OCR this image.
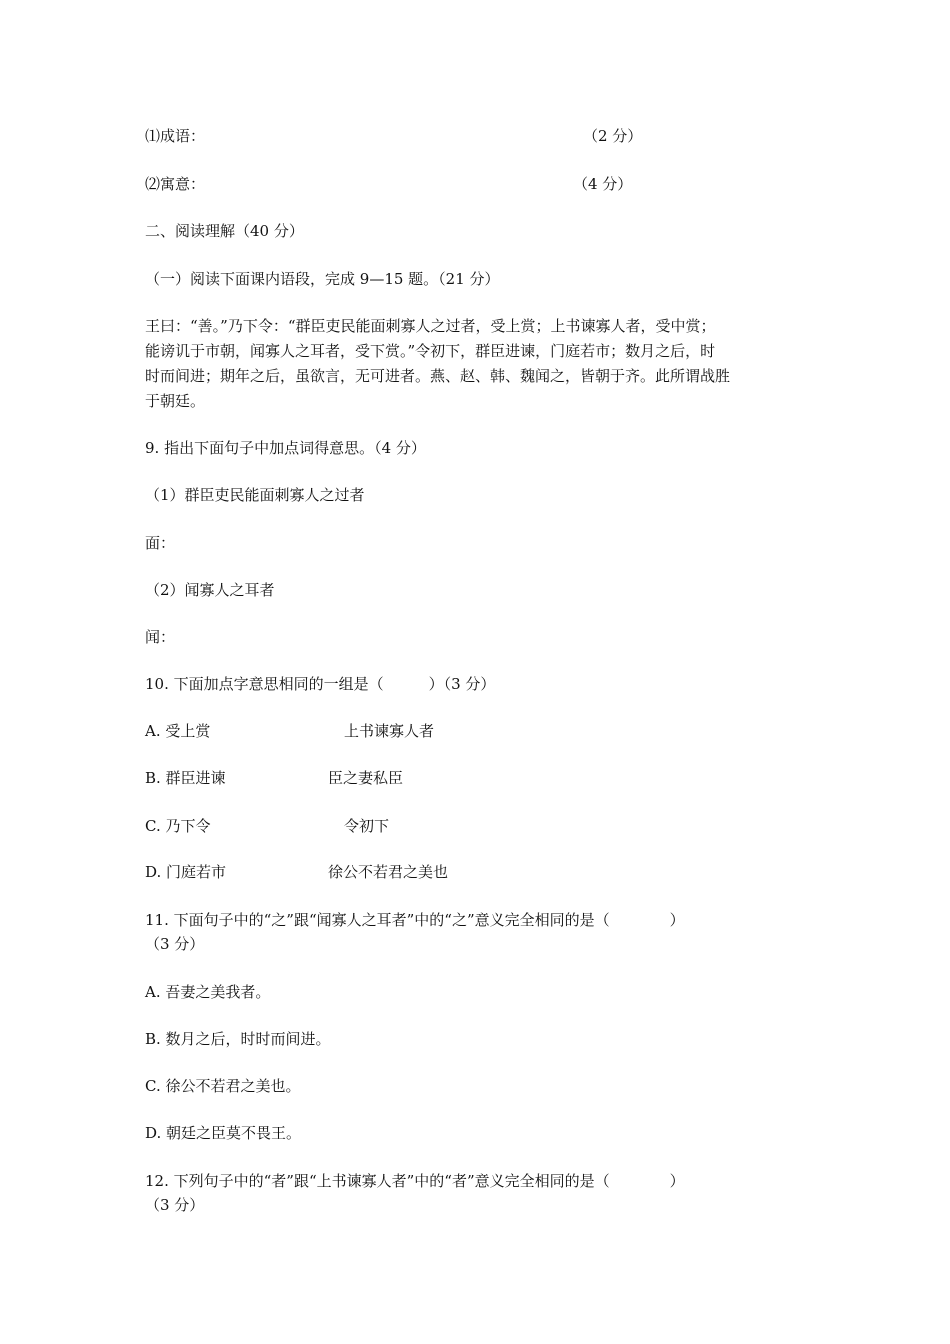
⑴成语：	（2 分）
⑵寓意：	（4 分）
二、阅读理解（40 分）
（一）阅读下面课内语段，完成 9—15 题。（21 分）
王曰：“善。”乃下令：“群臣吏民能面刺寡人之过者，受上赏；上书谏寡人者，受中赏；
能谤讥于市朝，闻寡人之耳者，受下赏。”令初下，群臣进谏，门庭若市；数月之后，时
时而间进；期年之后，虽欲言，无可进者。燕、赵、韩、魏闻之，皆朝于齐。此所谓战胜
于朝廷。
9. 指出下面句子中加点词得意思。（4 分）
（1）群臣吏民能面刺寡人之过者
面：
（2）闻寡人之耳者
闻：
10. 下面加点字意思相同的一组是（　　　）（3 分）
A. 受上赏	上书谏寡人者
B. 群臣进谏	臣之妻私臣
C. 乃下令	令初下
D. 门庭若市	徐公不若君之美也
11. 下面句子中的“之”跟“闻寡人之耳者”中的“之”意义完全相同的是（　　　　）
（3 分）
A. 吾妻之美我者。
B. 数月之后，时时而间进。
C. 徐公不若君之美也。
D. 朝廷之臣莫不畏王。
12. 下列句子中的“者”跟“上书谏寡人者”中的“者”意义完全相同的是（　　　　）
（3 分）
